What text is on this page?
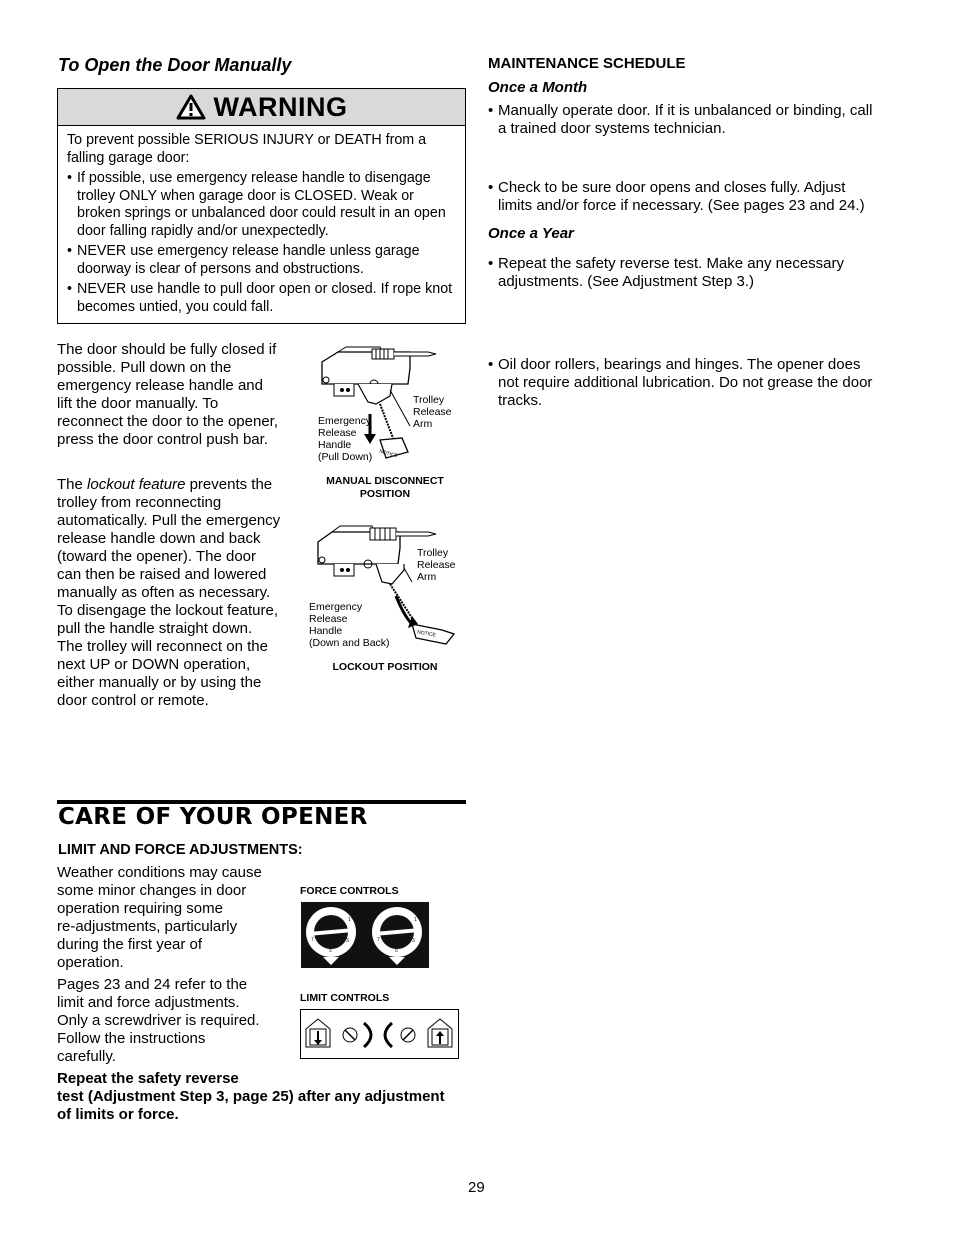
To Open the Door Manually
WARNING

To prevent possible SERIOUS INJURY or DEATH from a falling garage door:

• If possible, use emergency release handle to disengage trolley ONLY when garage door is CLOSED. Weak or broken springs or unbalanced door could result in an open door falling rapidly and/or unexpectedly.
• NEVER use emergency release handle unless garage doorway is clear of persons and obstructions.
• NEVER use handle to pull door open or closed. If rope knot becomes untied, you could fall.
The door should be fully closed if
possible. Pull down on the
emergency release handle and
lift the door manually. To
reconnect the door to the opener,
press the door control push bar.
The lockout feature prevents the
trolley from reconnecting
automatically. Pull the emergency
release handle down and back
(toward the opener). The door
can then be raised and lowered
manually as often as necessary.
To disengage the lockout feature,
pull the handle straight down.
The trolley will reconnect on the
next UP or DOWN operation,
either manually or by using the
door control or remote.
NOTICE
Trolley
Release
Arm
Emergency
Release
Handle
(Pull Down)
MANUAL DISCONNECT
POSITION
NOTICE
Trolley
Release
Arm
Emergency
Release
Handle
(Down and Back)
LOCKOUT POSITION
CARE OF YOUR OPENER
LIMIT AND FORCE ADJUSTMENTS:
Weather conditions may cause
some minor changes in door
operation requiring some
re-adjustments, particularly
during the first year of
operation.
Pages 23 and 24 refer to the
limit and force adjustments.
Only a screwdriver is required.
Follow the instructions
carefully.
Repeat the safety reverse
test (Adjustment Step 3, page 25) after any adjustment
of limits or force.
FORCE CONTROLS
9
7
5
3
1	9
7
5
3
1
LIMIT CONTROLS
MAINTENANCE SCHEDULE
Once a Month
• Manually operate door. If it is unbalanced or binding, call
a trained door systems technician.
• Check to be sure door opens and closes fully. Adjust
limits and/or force if necessary. (See pages 23 and 24.)
• Repeat the safety reverse test. Make any necessary
adjustments. (See Adjustment Step 3.)
Once a Year
• Oil door rollers, bearings and hinges. The opener does
not require additional lubrication. Do not grease the door
tracks.
29
